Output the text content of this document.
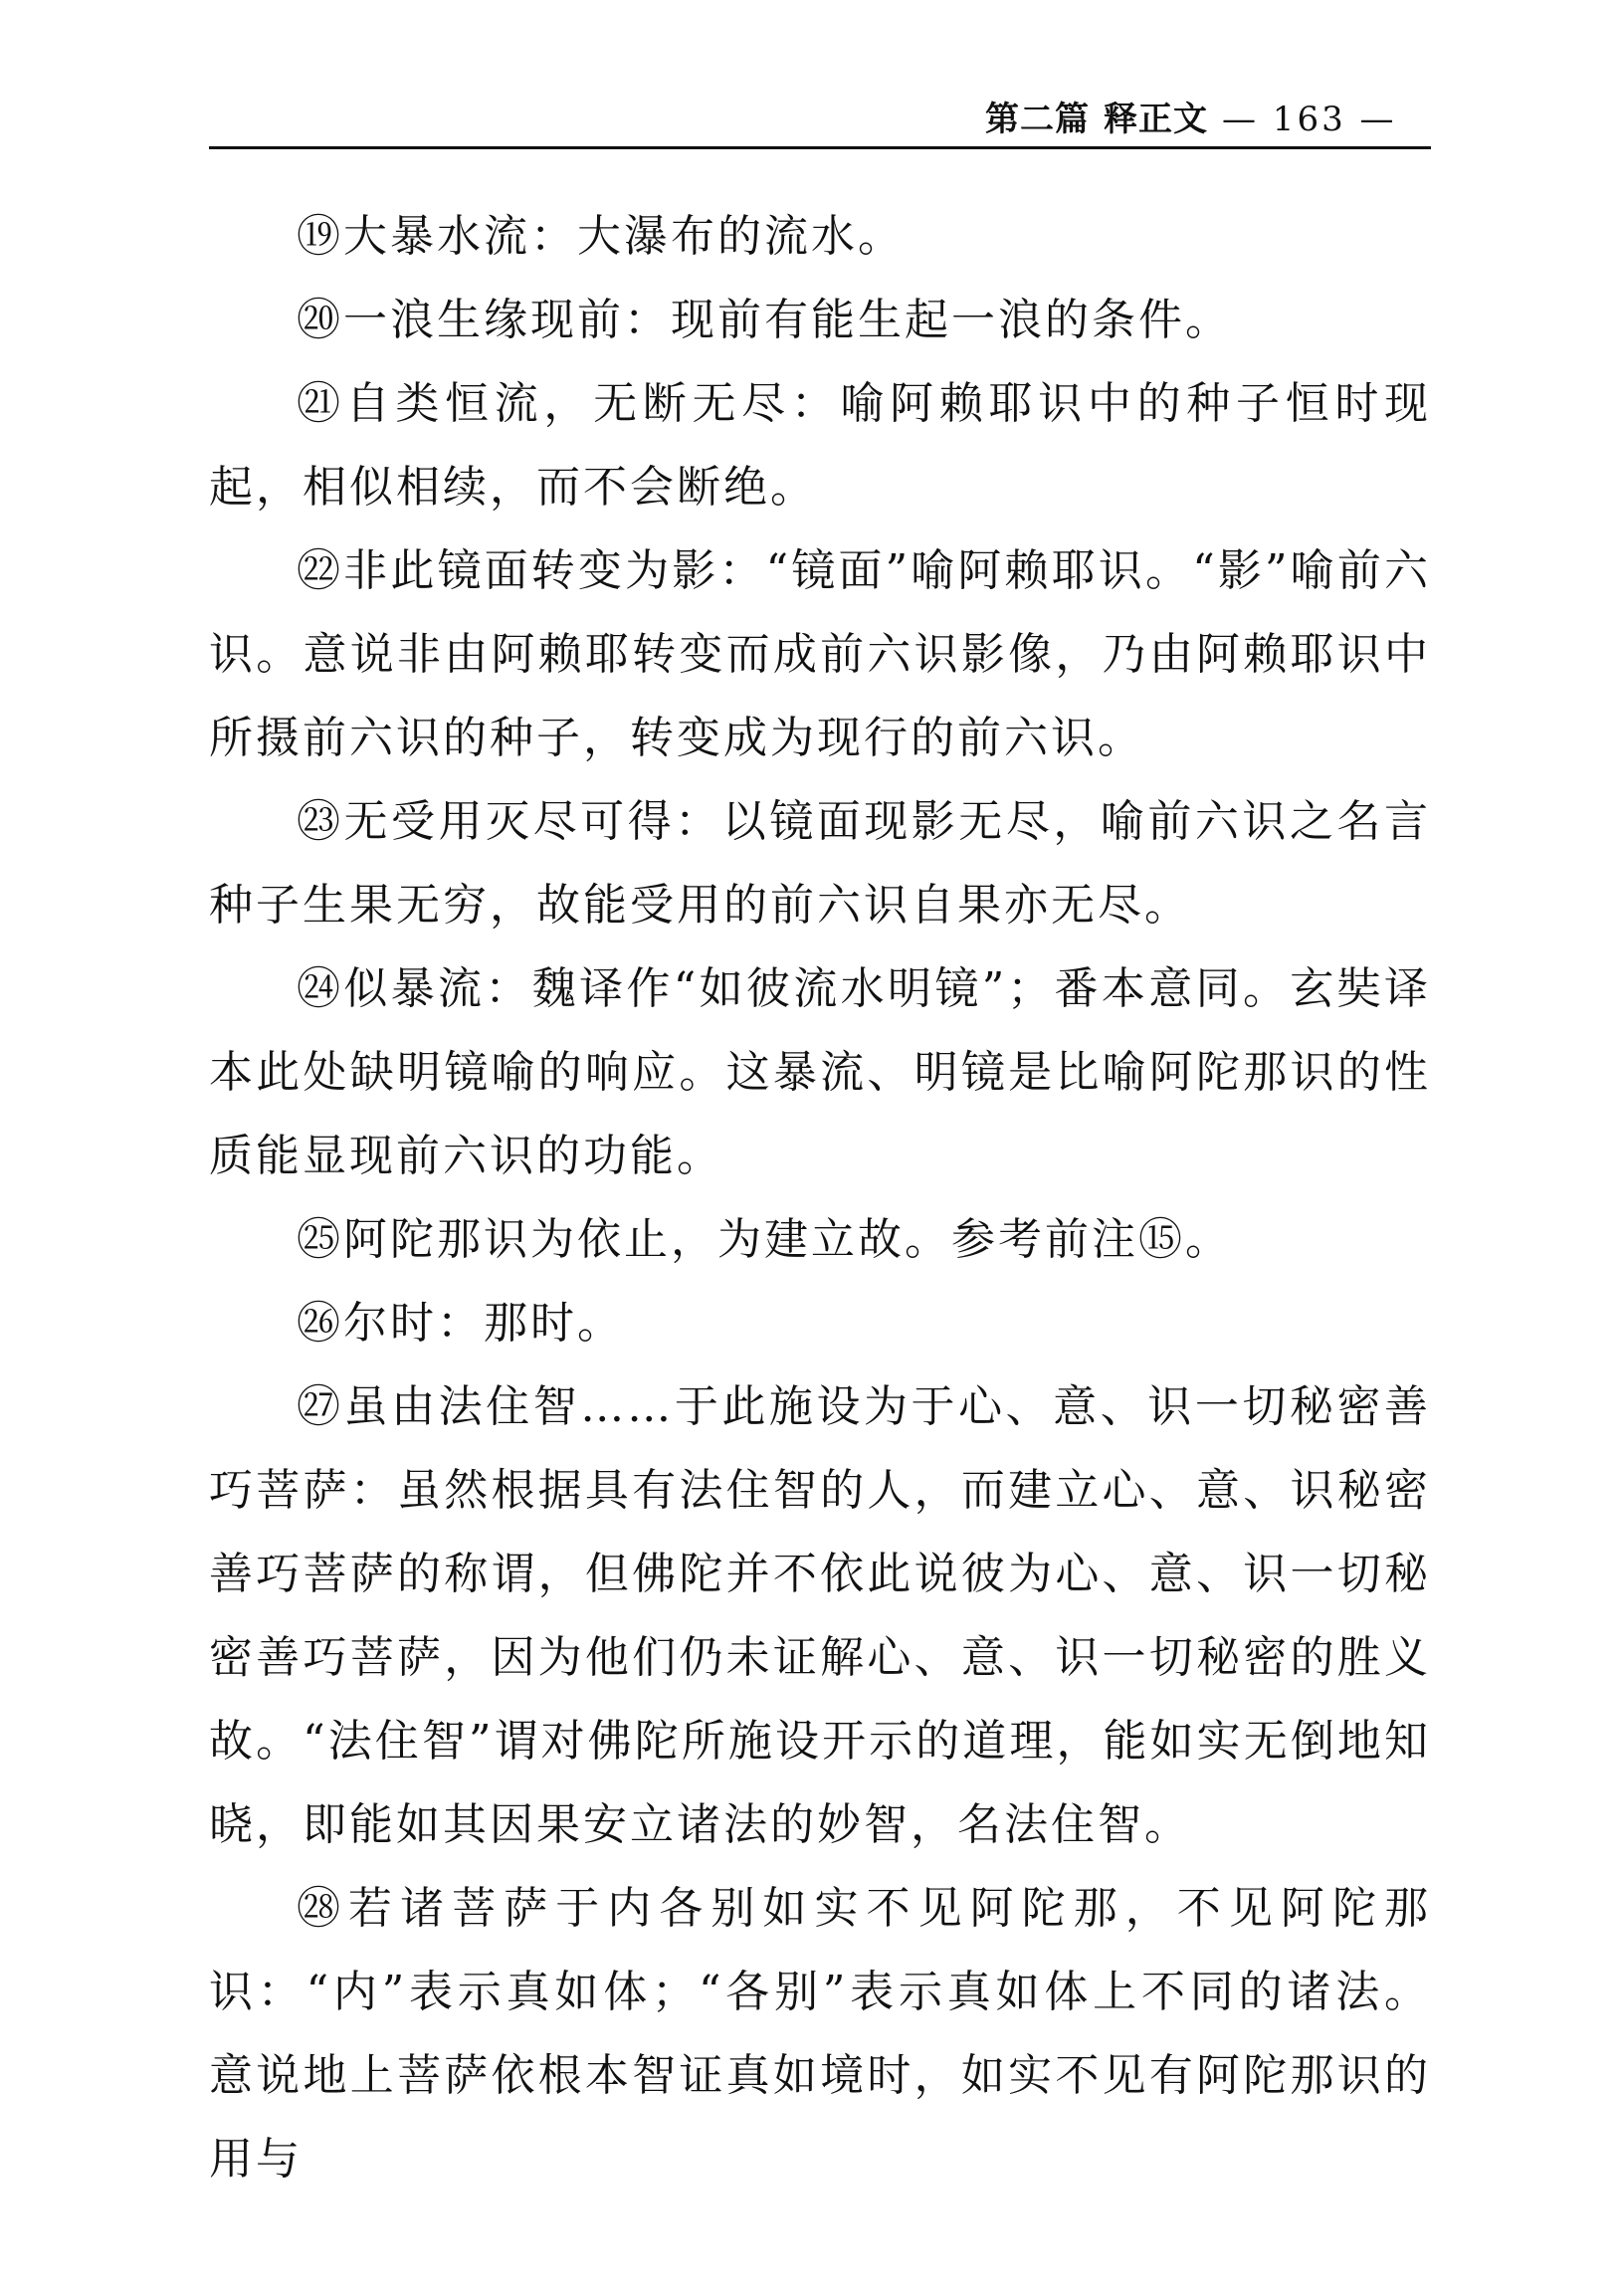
第二篇 释正文 — 163 —

⑲大暴水流：大瀑布的流水。

⑳一浪生缘现前：现前有能生起一浪的条件。

㉑自类恒流，无断无尽：喻阿赖耶识中的种子恒时现起，相似相续，而不会断绝。

㉒非此镜面转变为影：“镜面”喻阿赖耶识。“影”喻前六识。意说非由阿赖耶转变而成前六识影像，乃由阿赖耶识中所摄前六识的种子，转变成为现行的前六识。

㉓无受用灭尽可得：以镜面现影无尽，喻前六识之名言种子生果无穷，故能受用的前六识自果亦无尽。

㉔似暴流：魏译作“如彼流水明镜”；番本意同。玄奘译本此处缺明镜喻的响应。这暴流、明镜是比喻阿陀那识的性质能显现前六识的功能。

㉕阿陀那识为依止，为建立故。参考前注⑮。

㉖尔时：那时。

㉗虽由法住智……于此施设为于心、意、识一切秘密善巧菩萨：虽然根据具有法住智的人，而建立心、意、识秘密善巧菩萨的称谓，但佛陀并不依此说彼为心、意、识一切秘密善巧菩萨，因为他们仍未证解心、意、识一切秘密的胜义故。“法住智”谓对佛陀所施设开示的道理，能如实无倒地知晓，即能如其因果安立诸法的妙智，名法住智。

㉘若诸菩萨于内各别如实不见阿陀那，不见阿陀那识：“内”表示真如体；“各别”表示真如体上不同的诸法。意说地上菩萨依根本智证真如境时，如实不见有阿陀那识的用与
